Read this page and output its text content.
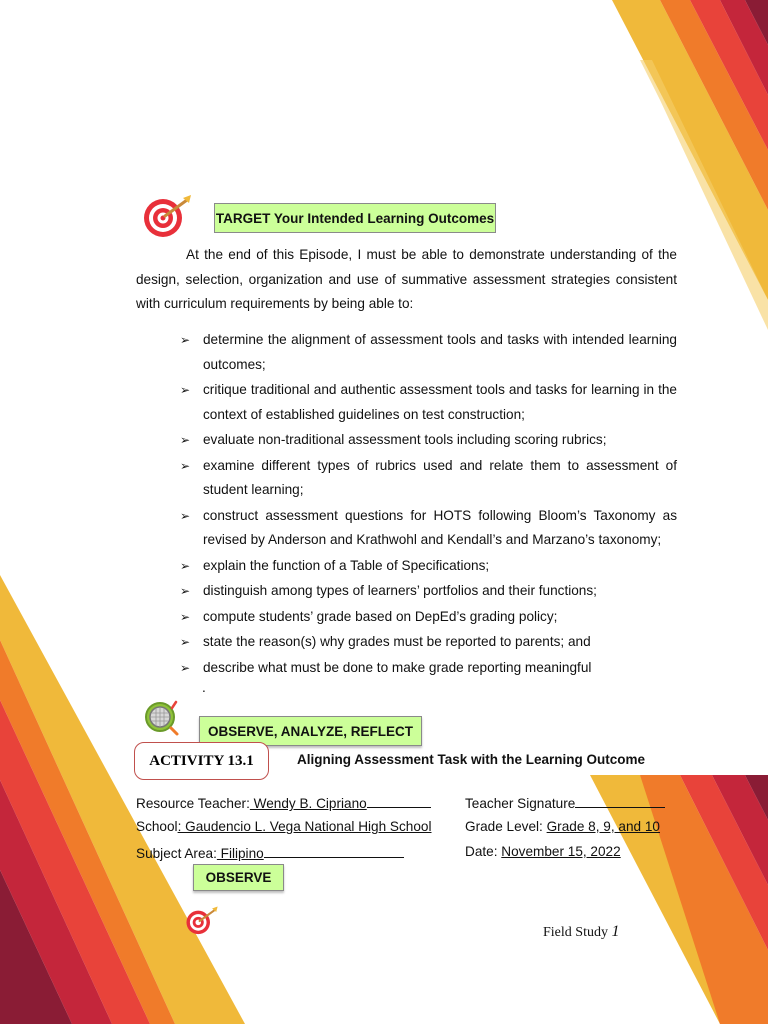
TARGET Your Intended Learning Outcomes

At the end of this Episode, I must be able to demonstrate understanding of the design, selection, organization and use of summative assessment strategies consistent with curriculum requirements by being able to:

➢ determine the alignment of assessment tools and tasks with intended learning outcomes;
➢ critique traditional and authentic assessment tools and tasks for learning in the context of established guidelines on test construction;
➢ evaluate non-traditional assessment tools including scoring rubrics;
➢ examine different types of rubrics used and relate them to assessment of student learning;
➢ construct assessment questions for HOTS following Bloom’s Taxonomy as revised by Anderson and Krathwohl and Kendall’s and Marzano’s taxonomy;
➢ explain the function of a Table of Specifications;
➢ distinguish among types of learners’ portfolios and their functions;
➢ compute students’ grade based on DepEd’s grading policy;
➢ state the reason(s) why grades must be reported to parents; and
➢ describe what must be done to make grade reporting meaningful
.
OBSERVE, ANALYZE, REFLECT
ACTIVITY 13.1	Aligning Assessment Task with the Learning Outcome
Resource Teacher: Wendy B. Cipriano	Teacher Signature
School: Gaudencio L. Vega National High School Grade Level: Grade 8, 9, and 10
Subject Area: Filipino	Date: November 15, 2022
OBSERVE
Field Study 1
